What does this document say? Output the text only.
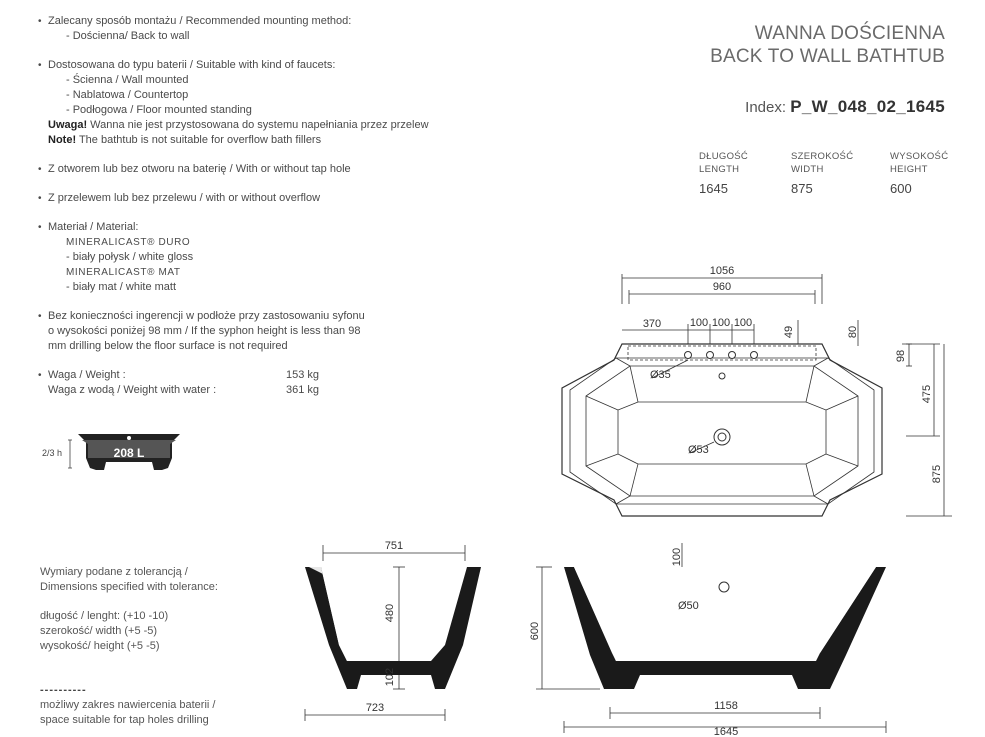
• Zalecany sposób montażu / Recommended mounting method:
- Dościenna/ Back to wall
• Dostosowana do typu baterii / Suitable with kind of faucets:
- Ścienna / Wall mounted
- Nablatowa / Countertop
- Podłogowa / Floor mounted standing
Uwaga! Wanna nie jest przystosowana do systemu napełniania przez przelew
Note! The bathtub is not suitable for overflow bath fillers
• Z otworem lub bez otworu na baterię / With or without tap hole
• Z przelewem lub bez przelewu / with or without overflow
• Materiał / Material:
MINERALICAST® DURO
- biały połysk / white gloss
MINERALICAST® MAT
- biały mat / white matt
• Bez konieczności ingerencji w podłoże przy zastosowaniu syfonu
o wysokości poniżej 98 mm / If the syphon height is less than 98
mm drilling below the floor surface is not required
• Waga / Weight :	153 kg
Waga z wodą / Weight with water :	361 kg
2/3 h	208 L
WANNA DOŚCIENNA
BACK TO WALL BATHTUB
Index: P_W_048_02_1645
DŁUGOŚĆ
LENGTH
1645
SZEROKOŚĆ
WIDTH
875
WYSOKOŚĆ
HEIGHT
600
1056
960
370	100 100 100
49	80
98
475
875
Ø35
Ø53
751
480
102
723
100
Ø50
600
1158
1645
Wymiary podane z tolerancją /
Dimensions specified with tolerance:
długość / lenght: (+10 -10)
szerokość/ width (+5 -5)
wysokość/ height (+5 -5)
----------
możliwy zakres nawiercenia baterii /
space suitable for tap holes drilling
